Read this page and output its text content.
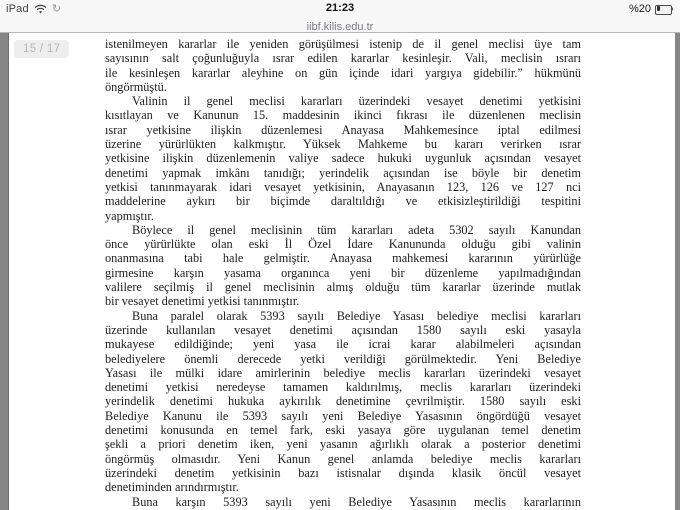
iPad ↻	21:23	%20
iibf.kilis.edu.tr
15 / 17	istenilmeyen kararlar ile yeniden görüşülmesi istenip de il genel meclisi üye tam
sayısının salt çoğunluğuyla ısrar edilen kararlar kesinleşir. Vali, meclisin ısrarı
ile kesinleşen kararlar aleyhine on gün içinde idari yargıya gidebilir.” hükmünü
öngörmüştü.
Valinin il genel meclisi kararları üzerindeki vesayet denetimi yetkisini
kısıtlayan ve Kanunun 15. maddesinin ikinci fıkrası ile düzenlenen meclisin
ısrar yetkisine ilişkin düzenlemesi Anayasa Mahkemesince iptal edilmesi
üzerine yürürlükten kalkmıştır. Yüksek Mahkeme bu kararı verirken ısrar
yetkisine ilişkin düzenlemenin valiye sadece hukuki uygunluk açısından vesayet
denetimi yapmak imkânı tanıdığı; yerindelik açısından ise böyle bir denetim
yetkisi tanınmayarak idari vesayet yetkisinin, Anayasanın 123, 126 ve 127 nci
maddelerine aykırı bir biçimde daraltıldığı ve etkisizleştirildiği tespitini
yapmıştır.
Böylece il genel meclisinin tüm kararları adeta 5302 sayılı Kanundan
önce yürürlükte olan eski İl Özel İdare Kanununda olduğu gibi valinin
onanmasına tabi hale gelmiştir. Anayasa mahkemesi kararının yürürlüğe
girmesine karşın yasama organınca yeni bir düzenleme yapılmadığından
valilere seçilmiş il genel meclisinin almış olduğu tüm kararlar üzerinde mutlak
bir vesayet denetimi yetkisi tanınmıştır.
Buna paralel olarak 5393 sayılı Belediye Yasası belediye meclisi kararları
üzerinde kullanılan vesayet denetimi açısından 1580 sayılı eski yasayla
mukayese edildiğinde; yeni yasa ile icrai karar alabilmeleri açısından
belediyelere önemli derecede yetki verildiği görülmektedir. Yeni Belediye
Yasası ile mülki idare amirlerinin belediye meclis kararları üzerindeki vesayet
denetimi yetkisi neredeyse tamamen kaldırılmış, meclis kararları üzerindeki
yerindelik denetimi hukuka aykırılık denetimine çevrilmiştir. 1580 sayılı eski
Belediye Kanunu ile 5393 sayılı yeni Belediye Yasasının öngördüğü vesayet
denetimi konusunda en temel fark, eski yasaya göre uygulanan temel denetim
şekli a priori denetim iken, yeni yasanın ağırlıklı olarak a posterior denetimi
öngörmüş olmasıdır. Yeni Kanun genel anlamda belediye meclis kararları
üzerindeki denetim yetkisinin bazı istisnalar dışında klasik öncül vesayet
denetiminden arındırmıştır.
Buna karşın 5393 sayılı yeni Belediye Yasasının meclis kararlarının
